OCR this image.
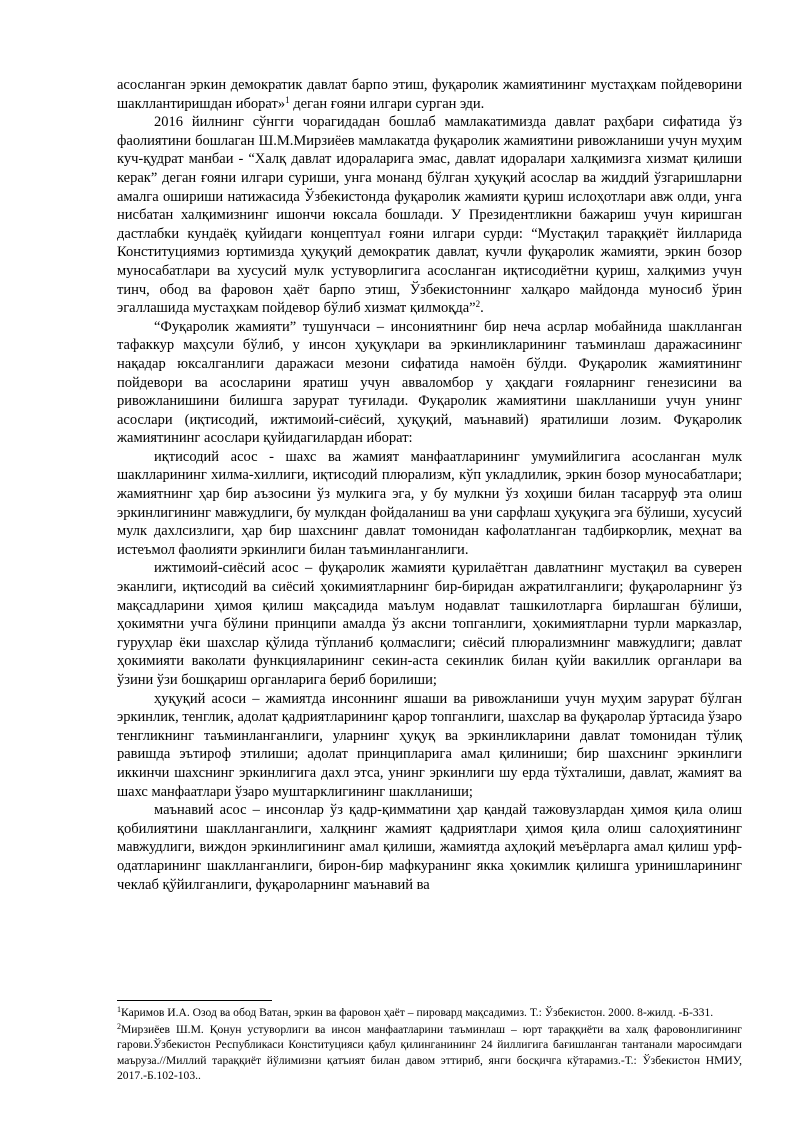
асосланган эркин демократик давлат барпо этиш, фуқаролик жамиятининг мустаҳкам пойдеворини шакллантиришдан иборат»$^1$ деган ғояни илгари сурган эди.

2016 йилнинг сўнгги чорагидадан бошлаб мамлакатимизда давлат раҳбари сифатида ўз фаолиятини бошлаган Ш.М.Мирзиёев мамлакатда фуқаролик жамиятини ривожланиши учун муҳим куч-қудрат манбаи - “Халқ давлат идораларига эмас, давлат идоралари халқимизга хизмат қилиши керак” деган ғояни илгари суриши, унга монанд бўлган ҳуқуқий асослар ва жиддий ўзгаришларни амалга ошириши натижасида Ўзбекистонда фуқаролик жамияти қуриш ислоҳотлари авж олди, унга нисбатан халқимизнинг ишончи юксала бошлади. У Президентликни бажариш учун киришган дастлабки кундаёқ қуйидаги концептуал ғояни илгари сурди: “Мустақил тараққиёт йилларида Конституциямиз юртимизда ҳуқуқий демократик давлат, кучли фуқаролик жамияти, эркин бозор муносабатлари ва хусусий мулк устуворлигига асосланган иқтисодиётни қуриш, халқимиз учун тинч, обод ва фаровон ҳаёт барпо этиш, Ўзбекистоннинг халқаро майдонда муносиб ўрин эгаллашида мустаҳкам пойдевор бўлиб хизмат қилмоқда”$^2$.

“Фуқаролик жамияти” тушунчаси – инсониятнинг бир неча асрлар мобайнида шаклланган тафаккур маҳсули бўлиб, у инсон ҳуқуқлари ва эркинликларининг таъминлаш даражасининг нақадар юксалганлиги даражаси мезони сифатида намоён бўлди. Фуқаролик жамиятининг пойдевори ва асосларини яратиш учун аввaломбор у ҳақдаги ғояларнинг генезисини ва ривожланишини билишга зарурат туғилади. Фуқаролик жамиятини шаклланиши учун унинг асослари (иқтисодий, ижтимоий-сиёсий, ҳуқуқий, маънавий) яратилиши лозим. Фуқаролик жамиятининг асослари қуйидагилардан иборат:

иқтисодий асос - шахс ва жамият манфаатларининг умумийлигига асосланган мулк шаклларининг хилма-хиллиги, иқтисодий плюрализм, кўп укладлилик, эркин бозор муносабатлари; жамиятнинг ҳар бир аъзосини ўз мулкига эга, у бу мулкни ўз хоҳиши билан тасарруф эта олиш эркинлигининг мавжудлиги, бу мулкдан фойдаланиш ва уни сарфлаш ҳуқуқига эга бўлиши, хусусий мулк дахлсизлиги, ҳар бир шахснинг давлат томонидан кафолатланган тадбиркорлик, меҳнат ва истеъмол фаолияти эркинлиги билан таъминланганлиги.

ижтимоий-сиёсий асос – фуқаролик жамияти қурилаётган давлатнинг мустақил ва суверен эканлиги, иқтисодий ва сиёсий ҳокимиятларнинг бир-биридан ажратилганлиги; фуқароларнинг ўз мақсадларини ҳимоя қилиш мақсадида маълум нодавлат ташкилотларга бирлашган бўлиши, ҳокимятни учга бўлини принципи амалда ўз аксни топганлиги, ҳокимиятларни турли марказлар, гуруҳлар ёки шахслар қўлида тўпланиб қолмаслиги; сиёсий плюрализмнинг мавжудлиги; давлат ҳокимияти ваколати функцияларининг секин-аста секинлик билан қуйи вакиллик органлари ва ўзини ўзи бошқариш органларига бериб борилиши;

ҳуқуқий асоси – жамиятда инсоннинг яшаши ва ривожланиши учун муҳим зарурат бўлган эркинлик, тенглик, адолат қадриятларининг қарор топганлиги, шахслар ва фуқаролар ўртасида ўзаро тенгликнинг таъминланганлиги, уларнинг ҳуқуқ ва эркинликларини давлат томонидан тўлиқ равишда эътироф этилиши; адолат принципларига амал қилиниши; бир шахснинг эркинлиги иккинчи шахснинг эркинлигига дахл этса, унинг эркинлиги шу ерда тўхталиши, давлат, жамият ва шахс манфаатлари ўзаро муштарклигининг шаклланиши;

маънавий асос – инсонлар ўз қадр-қимматини ҳар қандай тажовузлардан ҳимоя қила олиш қобилиятини шаклланганлиги, халқнинг жамият қадриятлари ҳимоя қила олиш салоҳиятининг мавжудлиги, виждон эркинлигининг амал қилиши, жамиятда аҳлоқий меъёрларга амал қилиш урф-одатларининг шаклланганлиги, бирон-бир мафкуранинг якка ҳокимлик қилишга уринишларининг чеклаб қўйилганлиги, фуқароларнинг маънавий ва

$^1$Каримов И.А. Озод ва обод Ватан, эркин ва фаровон ҳаёт – пировард мақсадимиз. Т.: Ўзбекистон. 2000. 8-жилд. -Б-331.

$^2$Мирзиёев Ш.М. Қонун устуворлиги ва инсон манфаатларини таъминлаш – юрт тараққиёти ва халқ фаровонлигининг гарови.Ўзбекистон Республикаси Конституцияси қабул қилинганининг 24 йиллигига бағишланган тантанали маросимдаги маъруза.//Миллий тараққиёт йўлимизни қатъият билан давом эттириб, янги босқичга кўтарамиз.-Т.: Ўзбекистон НМИУ, 2017.-Б.102-103..
